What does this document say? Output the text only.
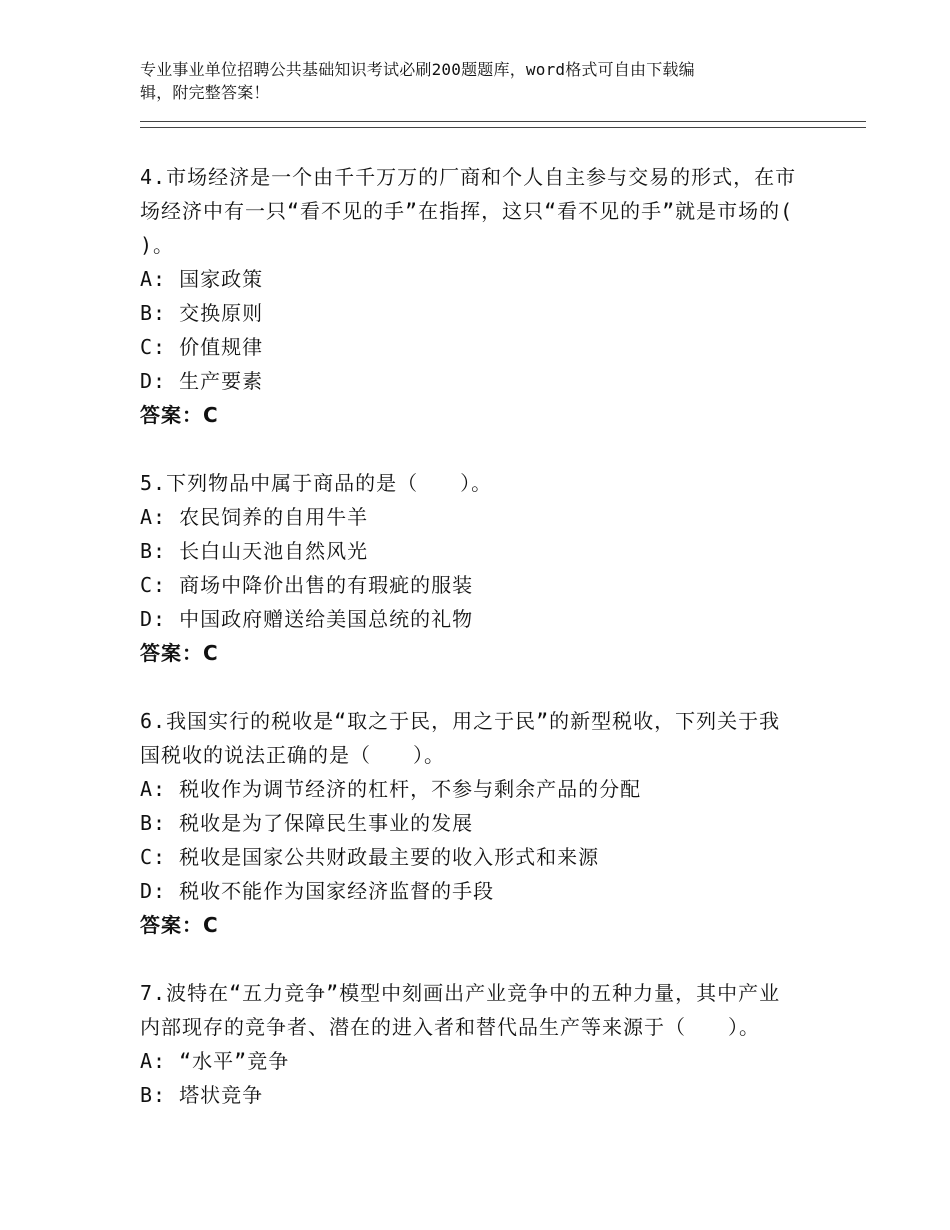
专业事业单位招聘公共基础知识考试必刷200题题库，word格式可自由下载编
辑，附完整答案！

4.市场经济是一个由千千万万的厂商和个人自主参与交易的形式，在市场经济中有一只“看不见的手”在指挥，这只“看不见的手”就是市场的( )。

A: 国家政策

B: 交换原则

C: 价值规律

D: 生产要素

答案：C

5.下列物品中属于商品的是（　　）。

A: 农民饲养的自用牛羊

B: 长白山天池自然风光

C: 商场中降价出售的有瑕疵的服装

D: 中国政府赠送给美国总统的礼物

答案：C

6.我国实行的税收是“取之于民，用之于民”的新型税收，下列关于我国税收的说法正确的是（　　）。

A: 税收作为调节经济的杠杆，不参与剩余产品的分配

B: 税收是为了保障民生事业的发展

C: 税收是国家公共财政最主要的收入形式和来源

D: 税收不能作为国家经济监督的手段

答案：C

7.波特在“五力竞争”模型中刻画出产业竞争中的五种力量，其中产业内部现存的竞争者、潜在的进入者和替代品生产等来源于（　　）。

A: “水平”竞争

B: 塔状竞争
